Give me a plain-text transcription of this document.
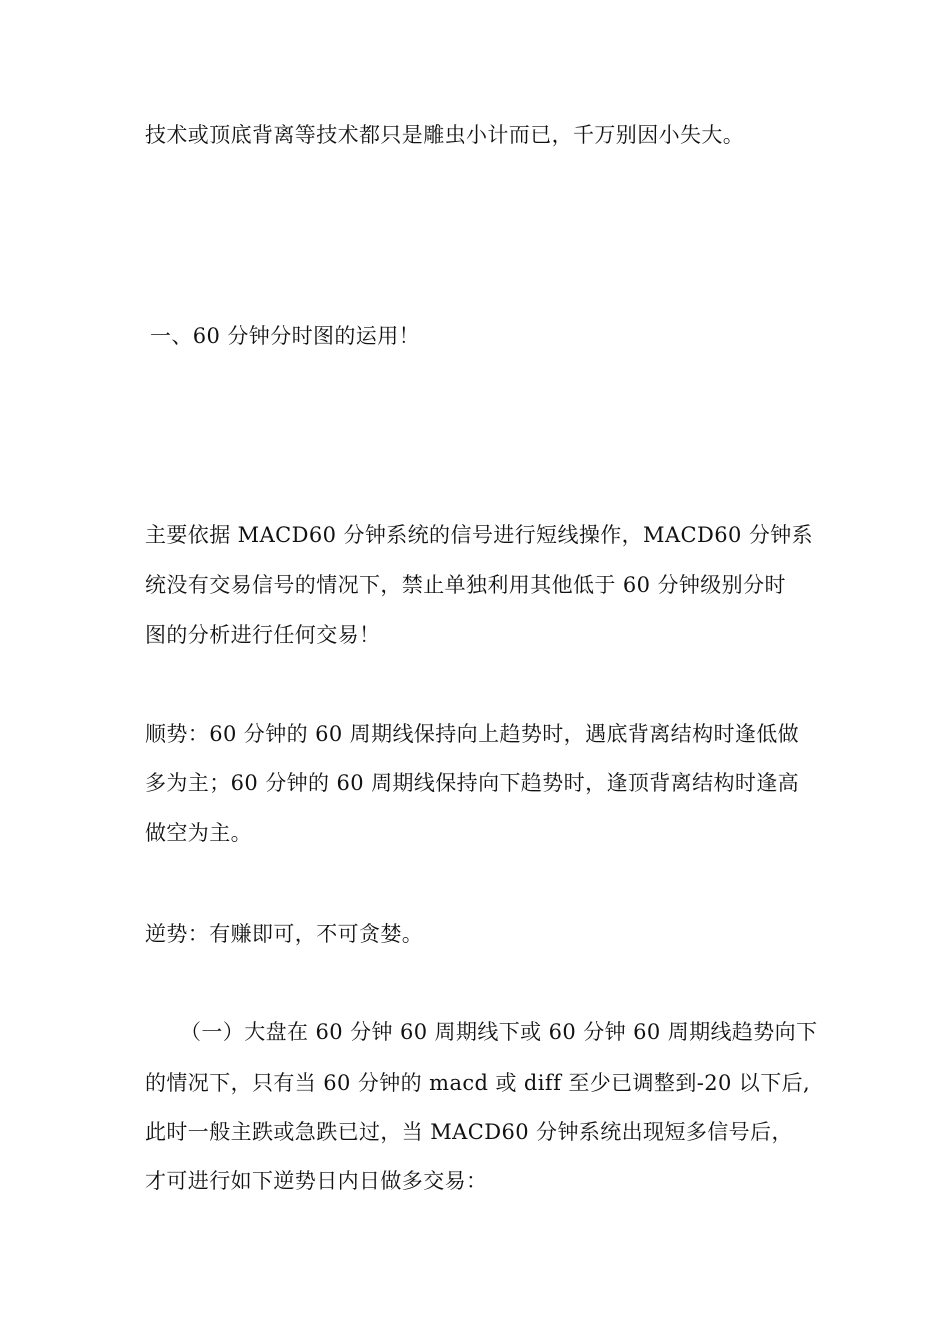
技术或顶底背离等技术都只是雕虫小计而已，千万别因小失大。
一、60 分钟分时图的运用！
主要依据 MACD60 分钟系统的信号进行短线操作，MACD60 分钟系
统没有交易信号的情况下，禁止单独利用其他低于 60 分钟级别分时
图的分析进行任何交易！
顺势：60 分钟的 60 周期线保持向上趋势时，遇底背离结构时逢低做
多为主；60 分钟的 60 周期线保持向下趋势时，逢顶背离结构时逢高
做空为主。
逆势：有赚即可，不可贪婪。
（一）大盘在 60 分钟 60 周期线下或 60 分钟 60 周期线趋势向下
的情况下，只有当 60 分钟的 macd 或 diff 至少已调整到-20 以下后,
此时一般主跌或急跌已过，当 MACD60 分钟系统出现短多信号后，
才可进行如下逆势日内日做多交易：
